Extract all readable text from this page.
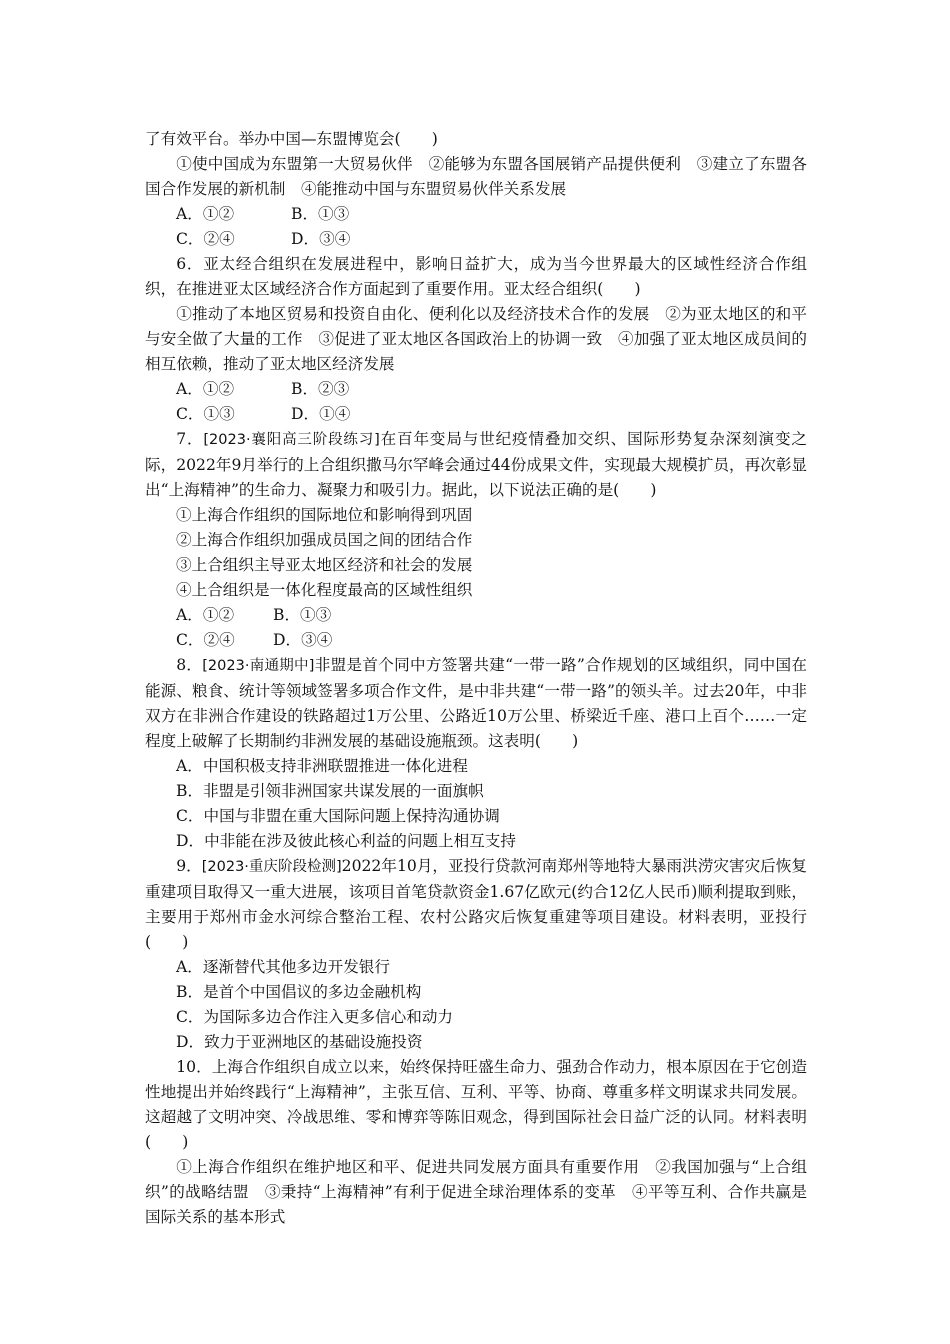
了有效平台。举办中国—东盟博览会(　　)

①使中国成为东盟第一大贸易伙伴　②能够为东盟各国展销产品提供便利　③建立了东盟各国合作发展的新机制　④能推动中国与东盟贸易伙伴关系发展

A．①②	B．①③

C．②④	D．③④

6．亚太经合组织在发展进程中，影响日益扩大，成为当今世界最大的区域性经济合作组织，在推进亚太区域经济合作方面起到了重要作用。亚太经合组织(　　)

①推动了本地区贸易和投资自由化、便利化以及经济技术合作的发展　②为亚太地区的和平与安全做了大量的工作　③促进了亚太地区各国政治上的协调一致　④加强了亚太地区成员间的相互依赖，推动了亚太地区经济发展

A．①②	B．②③

C．①③	D．①④

7．[2023·襄阳高三阶段练习]在百年变局与世纪疫情叠加交织、国际形势复杂深刻演变之际，2022年9月举行的上合组织撒马尔罕峰会通过44份成果文件，实现最大规模扩员，再次彰显出“上海精神”的生命力、凝聚力和吸引力。据此，以下说法正确的是(　　)

①上海合作组织的国际地位和影响得到巩固

②上海合作组织加强成员国之间的团结合作

③上合组织主导亚太地区经济和社会的发展

④上合组织是一体化程度最高的区域性组织

A．①② B．①③

C．②④ D．③④

8．[2023·南通期中]非盟是首个同中方签署共建“一带一路”合作规划的区域组织，同中国在能源、粮食、统计等领域签署多项合作文件，是中非共建“一带一路”的领头羊。过去20年，中非双方在非洲合作建设的铁路超过1万公里、公路近10万公里、桥梁近千座、港口上百个……一定程度上破解了长期制约非洲发展的基础设施瓶颈。这表明(　　)

A．中国积极支持非洲联盟推进一体化进程

B．非盟是引领非洲国家共谋发展的一面旗帜

C．中国与非盟在重大国际问题上保持沟通协调

D．中非能在涉及彼此核心利益的问题上相互支持

9．[2023·重庆阶段检测]2022年10月，亚投行贷款河南郑州等地特大暴雨洪涝灾害灾后恢复重建项目取得又一重大进展，该项目首笔贷款资金1.67亿欧元(约合12亿人民币)顺利提取到账，主要用于郑州市金水河综合整治工程、农村公路灾后恢复重建等项目建设。材料表明，亚投行(　　)

A．逐渐替代其他多边开发银行

B．是首个中国倡议的多边金融机构

C．为国际多边合作注入更多信心和动力

D．致力于亚洲地区的基础设施投资

10．上海合作组织自成立以来，始终保持旺盛生命力、强劲合作动力，根本原因在于它创造性地提出并始终践行“上海精神”，主张互信、互利、平等、协商、尊重多样文明谋求共同发展。这超越了文明冲突、冷战思维、零和博弈等陈旧观念，得到国际社会日益广泛的认同。材料表明(　　)

①上海合作组织在维护地区和平、促进共同发展方面具有重要作用　②我国加强与“上合组织”的战略结盟　③秉持“上海精神”有利于促进全球治理体系的变革　④平等互利、合作共赢是国际关系的基本形式
